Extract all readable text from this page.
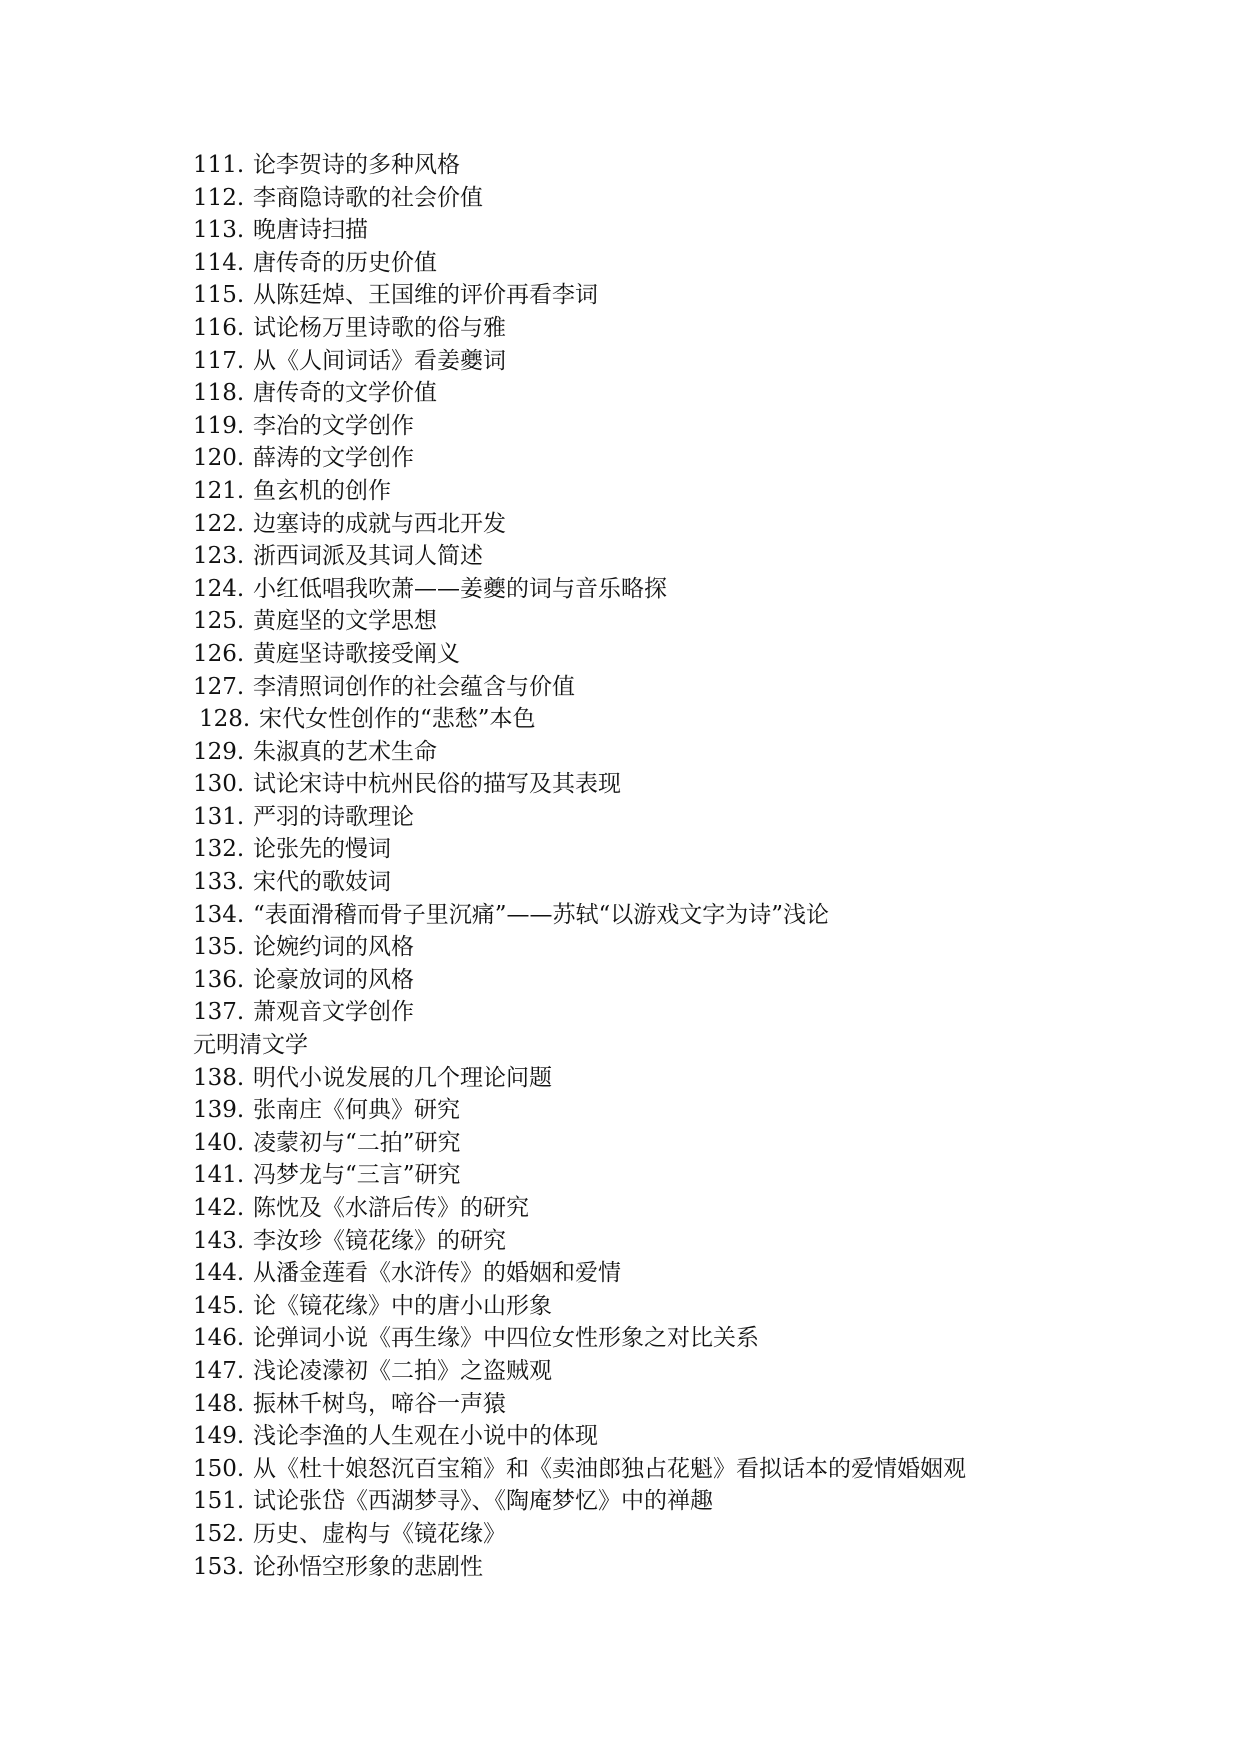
111. 论李贺诗的多种风格
112. 李商隐诗歌的社会价值
113. 晚唐诗扫描
114. 唐传奇的历史价值
115. 从陈廷焯、王国维的评价再看李词
116. 试论杨万里诗歌的俗与雅
117. 从《人间词话》看姜夔词
118. 唐传奇的文学价值
119. 李冶的文学创作
120. 薛涛的文学创作
121. 鱼玄机的创作
122. 边塞诗的成就与西北开发
123. 浙西词派及其词人简述
124. 小红低唱我吹萧——姜夔的词与音乐略探
125. 黄庭坚的文学思想
126. 黄庭坚诗歌接受阐义
127. 李清照词创作的社会蕴含与价值
128. 宋代女性创作的“悲愁”本色
129. 朱淑真的艺术生命
130. 试论宋诗中杭州民俗的描写及其表现
131. 严羽的诗歌理论
132. 论张先的慢词
133. 宋代的歌妓词
134. “表面滑稽而骨子里沉痛”——苏轼“以游戏文字为诗”浅论
135. 论婉约词的风格
136. 论豪放词的风格
137. 萧观音文学创作
元明清文学
138. 明代小说发展的几个理论问题
139. 张南庄《何典》研究
140. 凌蒙初与“二拍”研究
141. 冯梦龙与“三言”研究
142. 陈忱及《水滸后传》的研究
143. 李汝珍《镜花缘》的研究
144. 从潘金莲看《水浒传》的婚姻和爱情
145. 论《镜花缘》中的唐小山形象
146. 论弹词小说《再生缘》中四位女性形象之对比关系
147. 浅论凌濛初《二拍》之盗贼观
148. 振林千树鸟，啼谷一声猿
149. 浅论李渔的人生观在小说中的体现
150. 从《杜十娘怒沉百宝箱》和《卖油郎独占花魁》看拟话本的爱情婚姻观
151. 试论张岱《西湖梦寻》、《陶庵梦忆》中的禅趣
152. 历史、虚构与《镜花缘》
153. 论孙悟空形象的悲剧性
